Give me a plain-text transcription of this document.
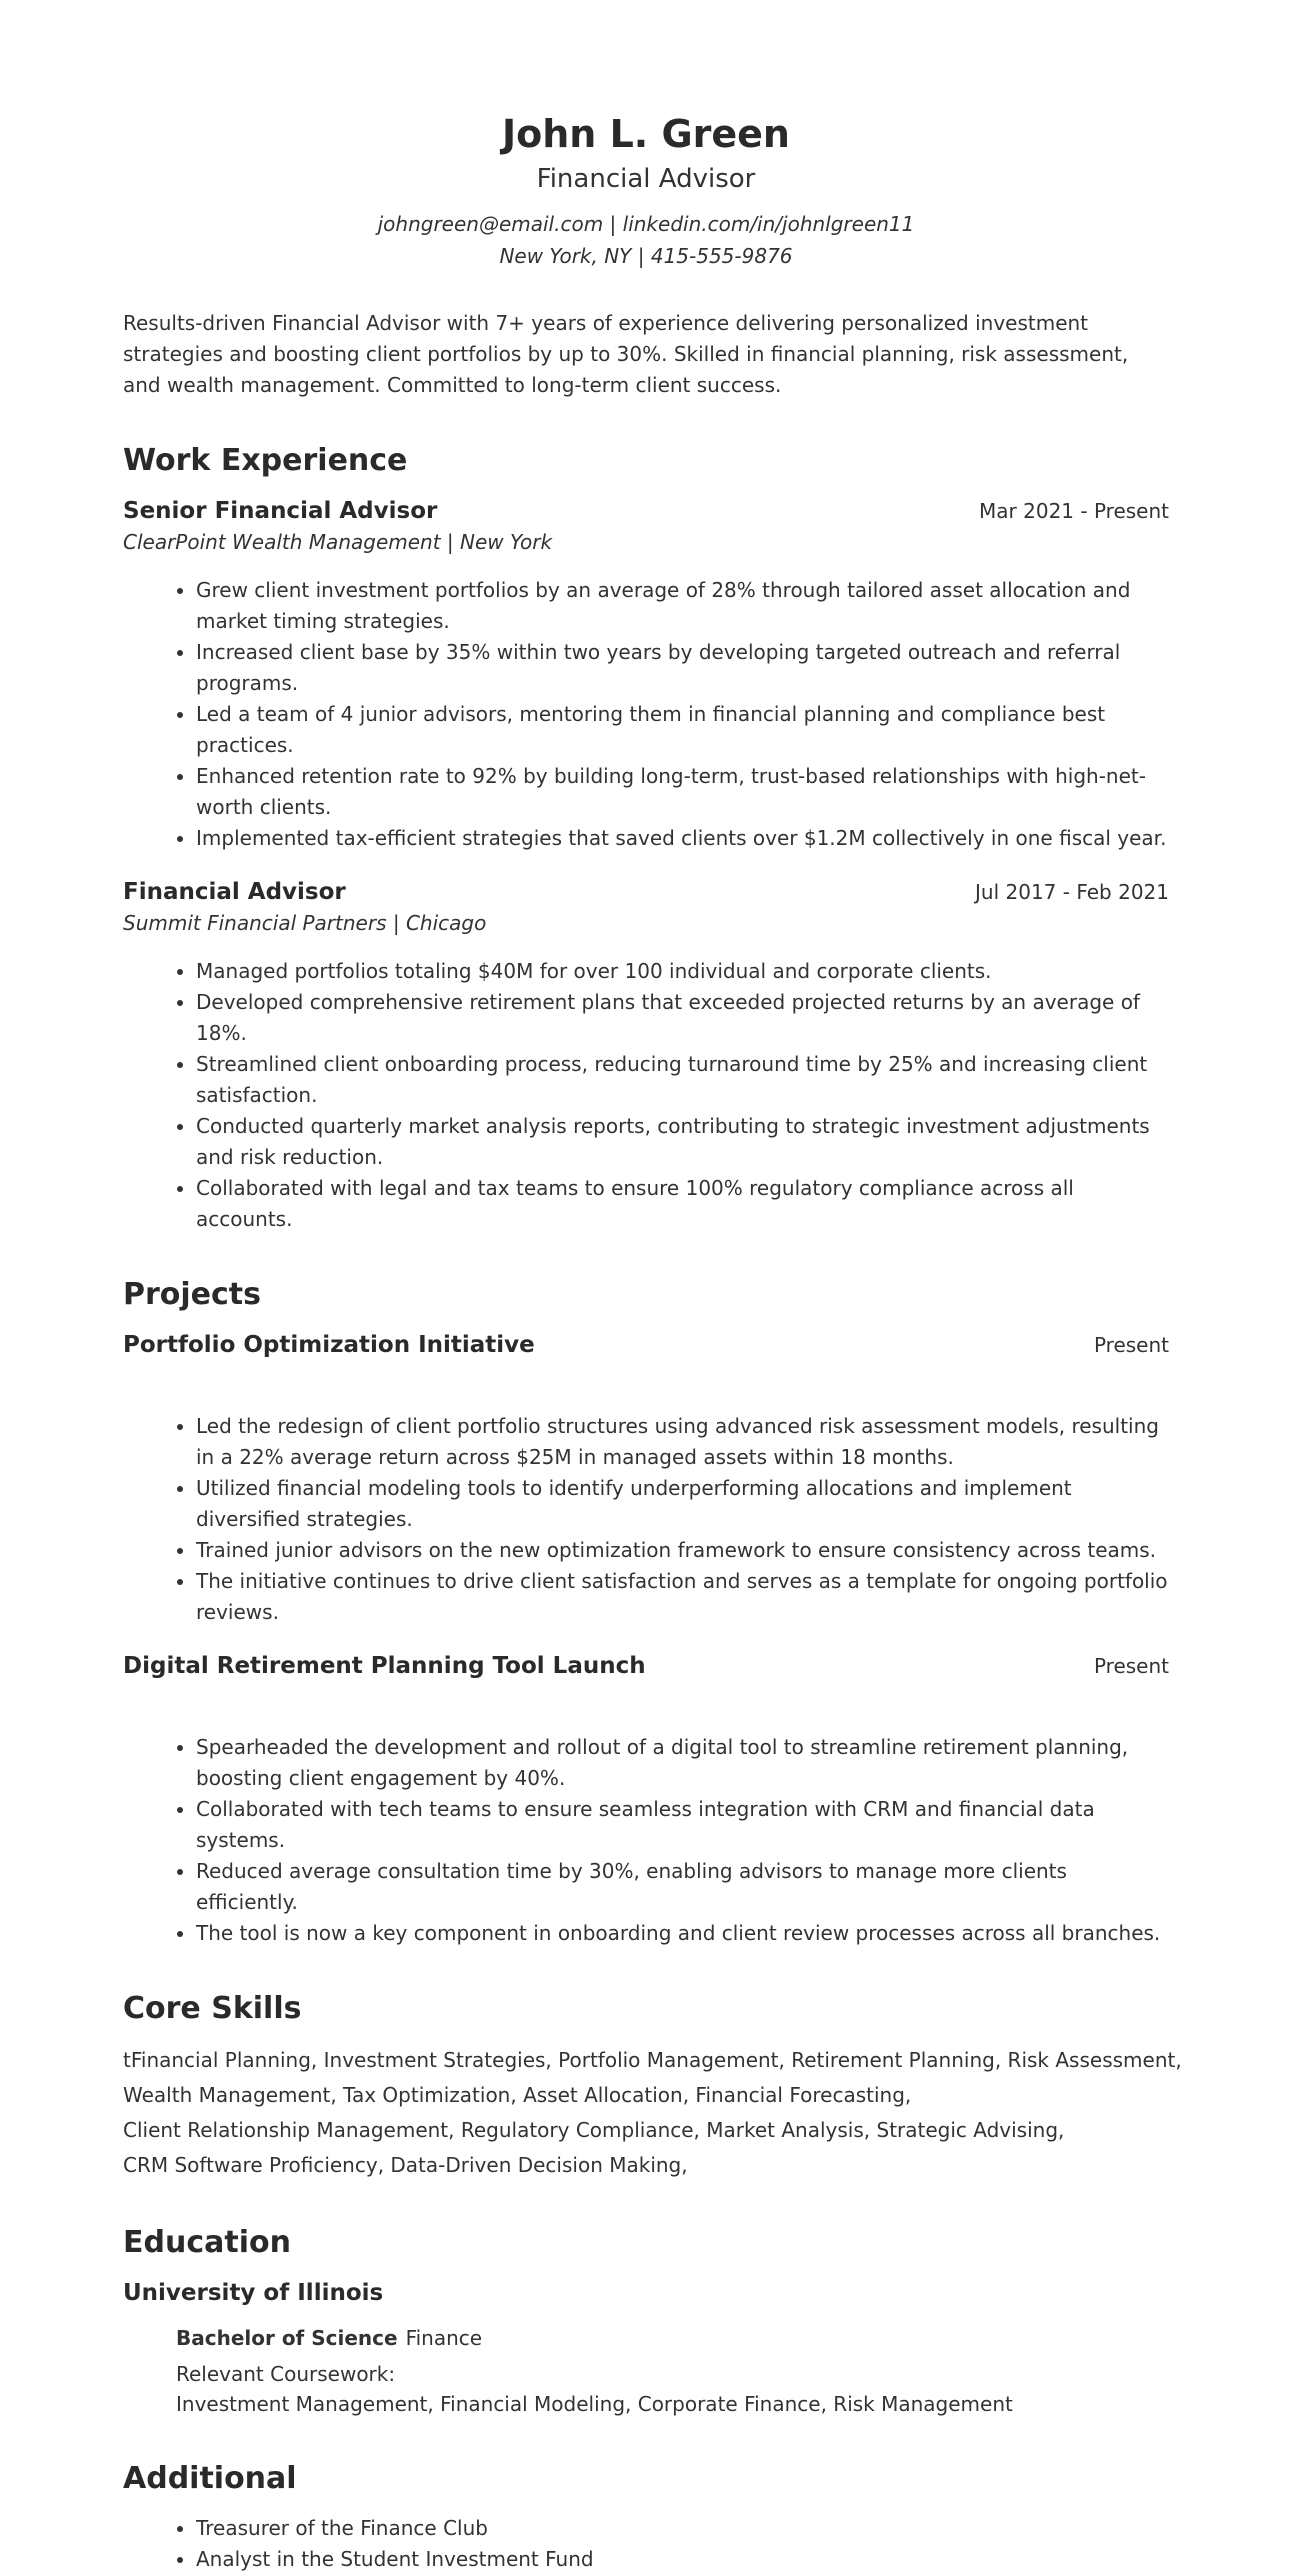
John L. Green
Financial Advisor
johngreen@email.com | linkedin.com/in/johnlgreen11
New York, NY | 415-555-9876

Results-driven Financial Advisor with 7+ years of experience delivering personalized investment strategies and boosting client portfolios by up to 30%. Skilled in financial planning, risk assessment, and wealth management. Committed to long-term client success.

Work Experience
Senior Financial Advisor	Mar 2021 - Present
ClearPoint Wealth Management | New York
• Grew client investment portfolios by an average of 28% through tailored asset allocation and market timing strategies.
• Increased client base by 35% within two years by developing targeted outreach and referral programs.
• Led a team of 4 junior advisors, mentoring them in financial planning and compliance best practices.
• Enhanced retention rate to 92% by building long-term, trust-based relationships with high-net-worth clients.
• Implemented tax-efficient strategies that saved clients over $1.2M collectively in one fiscal year.
Financial Advisor	Jul 2017 - Feb 2021
Summit Financial Partners | Chicago
• Managed portfolios totaling $40M for over 100 individual and corporate clients.
• Developed comprehensive retirement plans that exceeded projected returns by an average of 18%.
• Streamlined client onboarding process, reducing turnaround time by 25% and increasing client satisfaction.
• Conducted quarterly market analysis reports, contributing to strategic investment adjustments and risk reduction.
• Collaborated with legal and tax teams to ensure 100% regulatory compliance across all accounts.
Projects
Portfolio Optimization Initiative	Present
• Led the redesign of client portfolio structures using advanced risk assessment models, resulting in a 22% average return across $25M in managed assets within 18 months.
• Utilized financial modeling tools to identify underperforming allocations and implement diversified strategies.
• Trained junior advisors on the new optimization framework to ensure consistency across teams.
• The initiative continues to drive client satisfaction and serves as a template for ongoing portfolio reviews.
Digital Retirement Planning Tool Launch	Present
• Spearheaded the development and rollout of a digital tool to streamline retirement planning, boosting client engagement by 40%.
• Collaborated with tech teams to ensure seamless integration with CRM and financial data systems.
• Reduced average consultation time by 30%, enabling advisors to manage more clients efficiently.
• The tool is now a key component in onboarding and client review processes across all branches.
Core Skills
tFinancial Planning, Investment Strategies, Portfolio Management, Retirement Planning, Risk Assessment,
Wealth Management, Tax Optimization, Asset Allocation, Financial Forecasting,
Client Relationship Management, Regulatory Compliance, Market Analysis, Strategic Advising,
CRM Software Proficiency, Data-Driven Decision Making,
Education
University of Illinois
Bachelor of Science Finance
Relevant Coursework:
Investment Management, Financial Modeling, Corporate Finance, Risk Management
Additional
• Treasurer of the Finance Club
• Analyst in the Student Investment Fund
